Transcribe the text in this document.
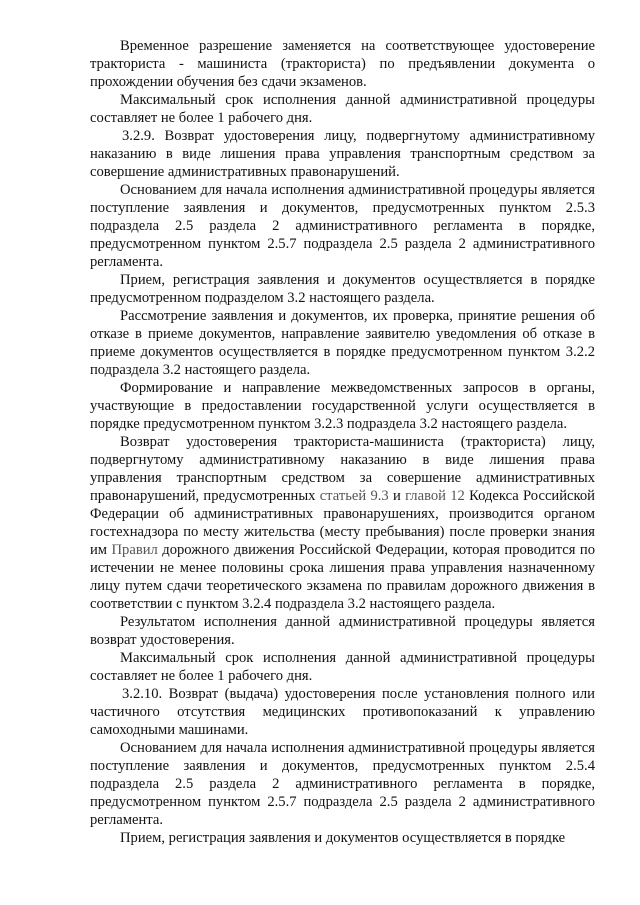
Временное разрешение заменяется на соответствующее удостоверение тракториста - машиниста (тракториста) по предъявлении документа о прохождении обучения без сдачи экзаменов.

Максимальный срок исполнения данной административной процедуры составляет не более 1 рабочего дня.

3.2.9. Возврат удостоверения лицу, подвергнутому административному наказанию в виде лишения права управления транспортным средством за совершение административных правонарушений.

Основанием для начала исполнения административной процедуры является поступление заявления и документов, предусмотренных пунктом 2.5.3 подраздела 2.5 раздела 2 административного регламента в порядке, предусмотренном пунктом 2.5.7 подраздела 2.5 раздела 2 административного регламента.

Прием, регистрация заявления и документов осуществляется в порядке предусмотренном подразделом 3.2 настоящего раздела.

Рассмотрение заявления и документов, их проверка, принятие решения об отказе в приеме документов, направление заявителю уведомления об отказе в приеме документов осуществляется в порядке предусмотренном пунктом 3.2.2 подраздела 3.2 настоящего раздела.

Формирование и направление межведомственных запросов в органы, участвующие в предоставлении государственной услуги осуществляется в порядке предусмотренном пунктом 3.2.3 подраздела 3.2 настоящего раздела.

Возврат удостоверения тракториста-машиниста (тракториста) лицу, подвергнутому административному наказанию в виде лишения права управления транспортным средством за совершение административных правонарушений, предусмотренных статьей 9.3 и главой 12 Кодекса Российской Федерации об административных правонарушениях, производится органом гостехнадзора по месту жительства (месту пребывания) после проверки знания им Правил дорожного движения Российской Федерации, которая проводится по истечении не менее половины срока лишения права управления назначенному лицу путем сдачи теоретического экзамена по правилам дорожного движения в соответствии с пунктом 3.2.4 подраздела 3.2 настоящего раздела.

Результатом исполнения данной административной процедуры является возврат удостоверения.

Максимальный срок исполнения данной административной процедуры составляет не более 1 рабочего дня.

3.2.10. Возврат (выдача) удостоверения после установления полного или частичного отсутствия медицинских противопоказаний к управлению самоходными машинами.

Основанием для начала исполнения административной процедуры является поступление заявления и документов, предусмотренных пунктом 2.5.4 подраздела 2.5 раздела 2 административного регламента в порядке, предусмотренном пунктом 2.5.7 подраздела 2.5 раздела 2 административного регламента.

Прием, регистрация заявления и документов осуществляется в порядке
